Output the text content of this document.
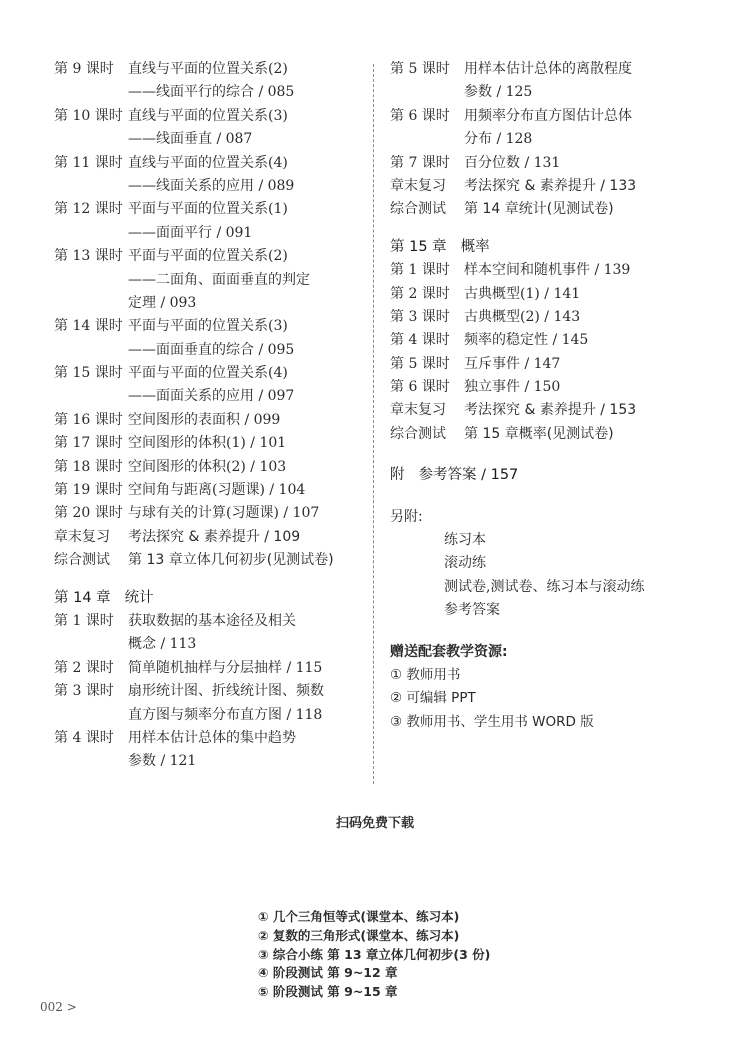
第 9 课时 直线与平面的位置关系(2)
——线面平行的综合 / 085
第 10 课时 直线与平面的位置关系(3)
——线面垂直 / 087
第 11 课时 直线与平面的位置关系(4)
——线面关系的应用 / 089
第 12 课时 平面与平面的位置关系(1)
——面面平行 / 091
第 13 课时 平面与平面的位置关系(2)
——二面角、面面垂直的判定
定理 / 093
第 14 课时 平面与平面的位置关系(3)
——面面垂直的综合 / 095
第 15 课时 平面与平面的位置关系(4)
——面面关系的应用 / 097
第 16 课时 空间图形的表面积 / 099
第 17 课时 空间图形的体积(1) / 101
第 18 课时 空间图形的体积(2) / 103
第 19 课时 空间角与距离(习题课) / 104
第 20 课时 与球有关的计算(习题课) / 107
章末复习 考法探究 & 素养提升 / 109
综合测试 第 13 章立体几何初步(见测试卷)
第 14 章 统计
第 1 课时 获取数据的基本途径及相关
概念 / 113
第 2 课时 简单随机抽样与分层抽样 / 115
第 3 课时 扇形统计图、折线统计图、频数
直方图与频率分布直方图 / 118
第 4 课时 用样本估计总体的集中趋势
参数 / 121
第 5 课时 用样本估计总体的离散程度
参数 / 125
第 6 课时 用频率分布直方图估计总体
分布 / 128
第 7 课时 百分位数 / 131
章末复习 考法探究 & 素养提升 / 133
综合测试 第 14 章统计(见测试卷)
第 15 章 概率
第 1 课时 样本空间和随机事件 / 139
第 2 课时 古典概型(1) / 141
第 3 课时 古典概型(2) / 143
第 4 课时 频率的稳定性 / 145
第 5 课时 互斥事件 / 147
第 6 课时 独立事件 / 150
章末复习 考法探究 & 素养提升 / 153
综合测试 第 15 章概率(见测试卷)
附 参考答案 / 157
另附:
练习本
滚动练
测试卷,测试卷、练习本与滚动练
参考答案
赠送配套教学资源:
① 教师用书
② 可编辑 PPT
③ 教师用书、学生用书 WORD 版
扫码免费下载
① 几个三角恒等式(课堂本、练习本)
② 复数的三角形式(课堂本、练习本)
③ 综合小练 第 13 章立体几何初步(3 份)
④ 阶段测试 第 9~12 章
⑤ 阶段测试 第 9~15 章
002 >
